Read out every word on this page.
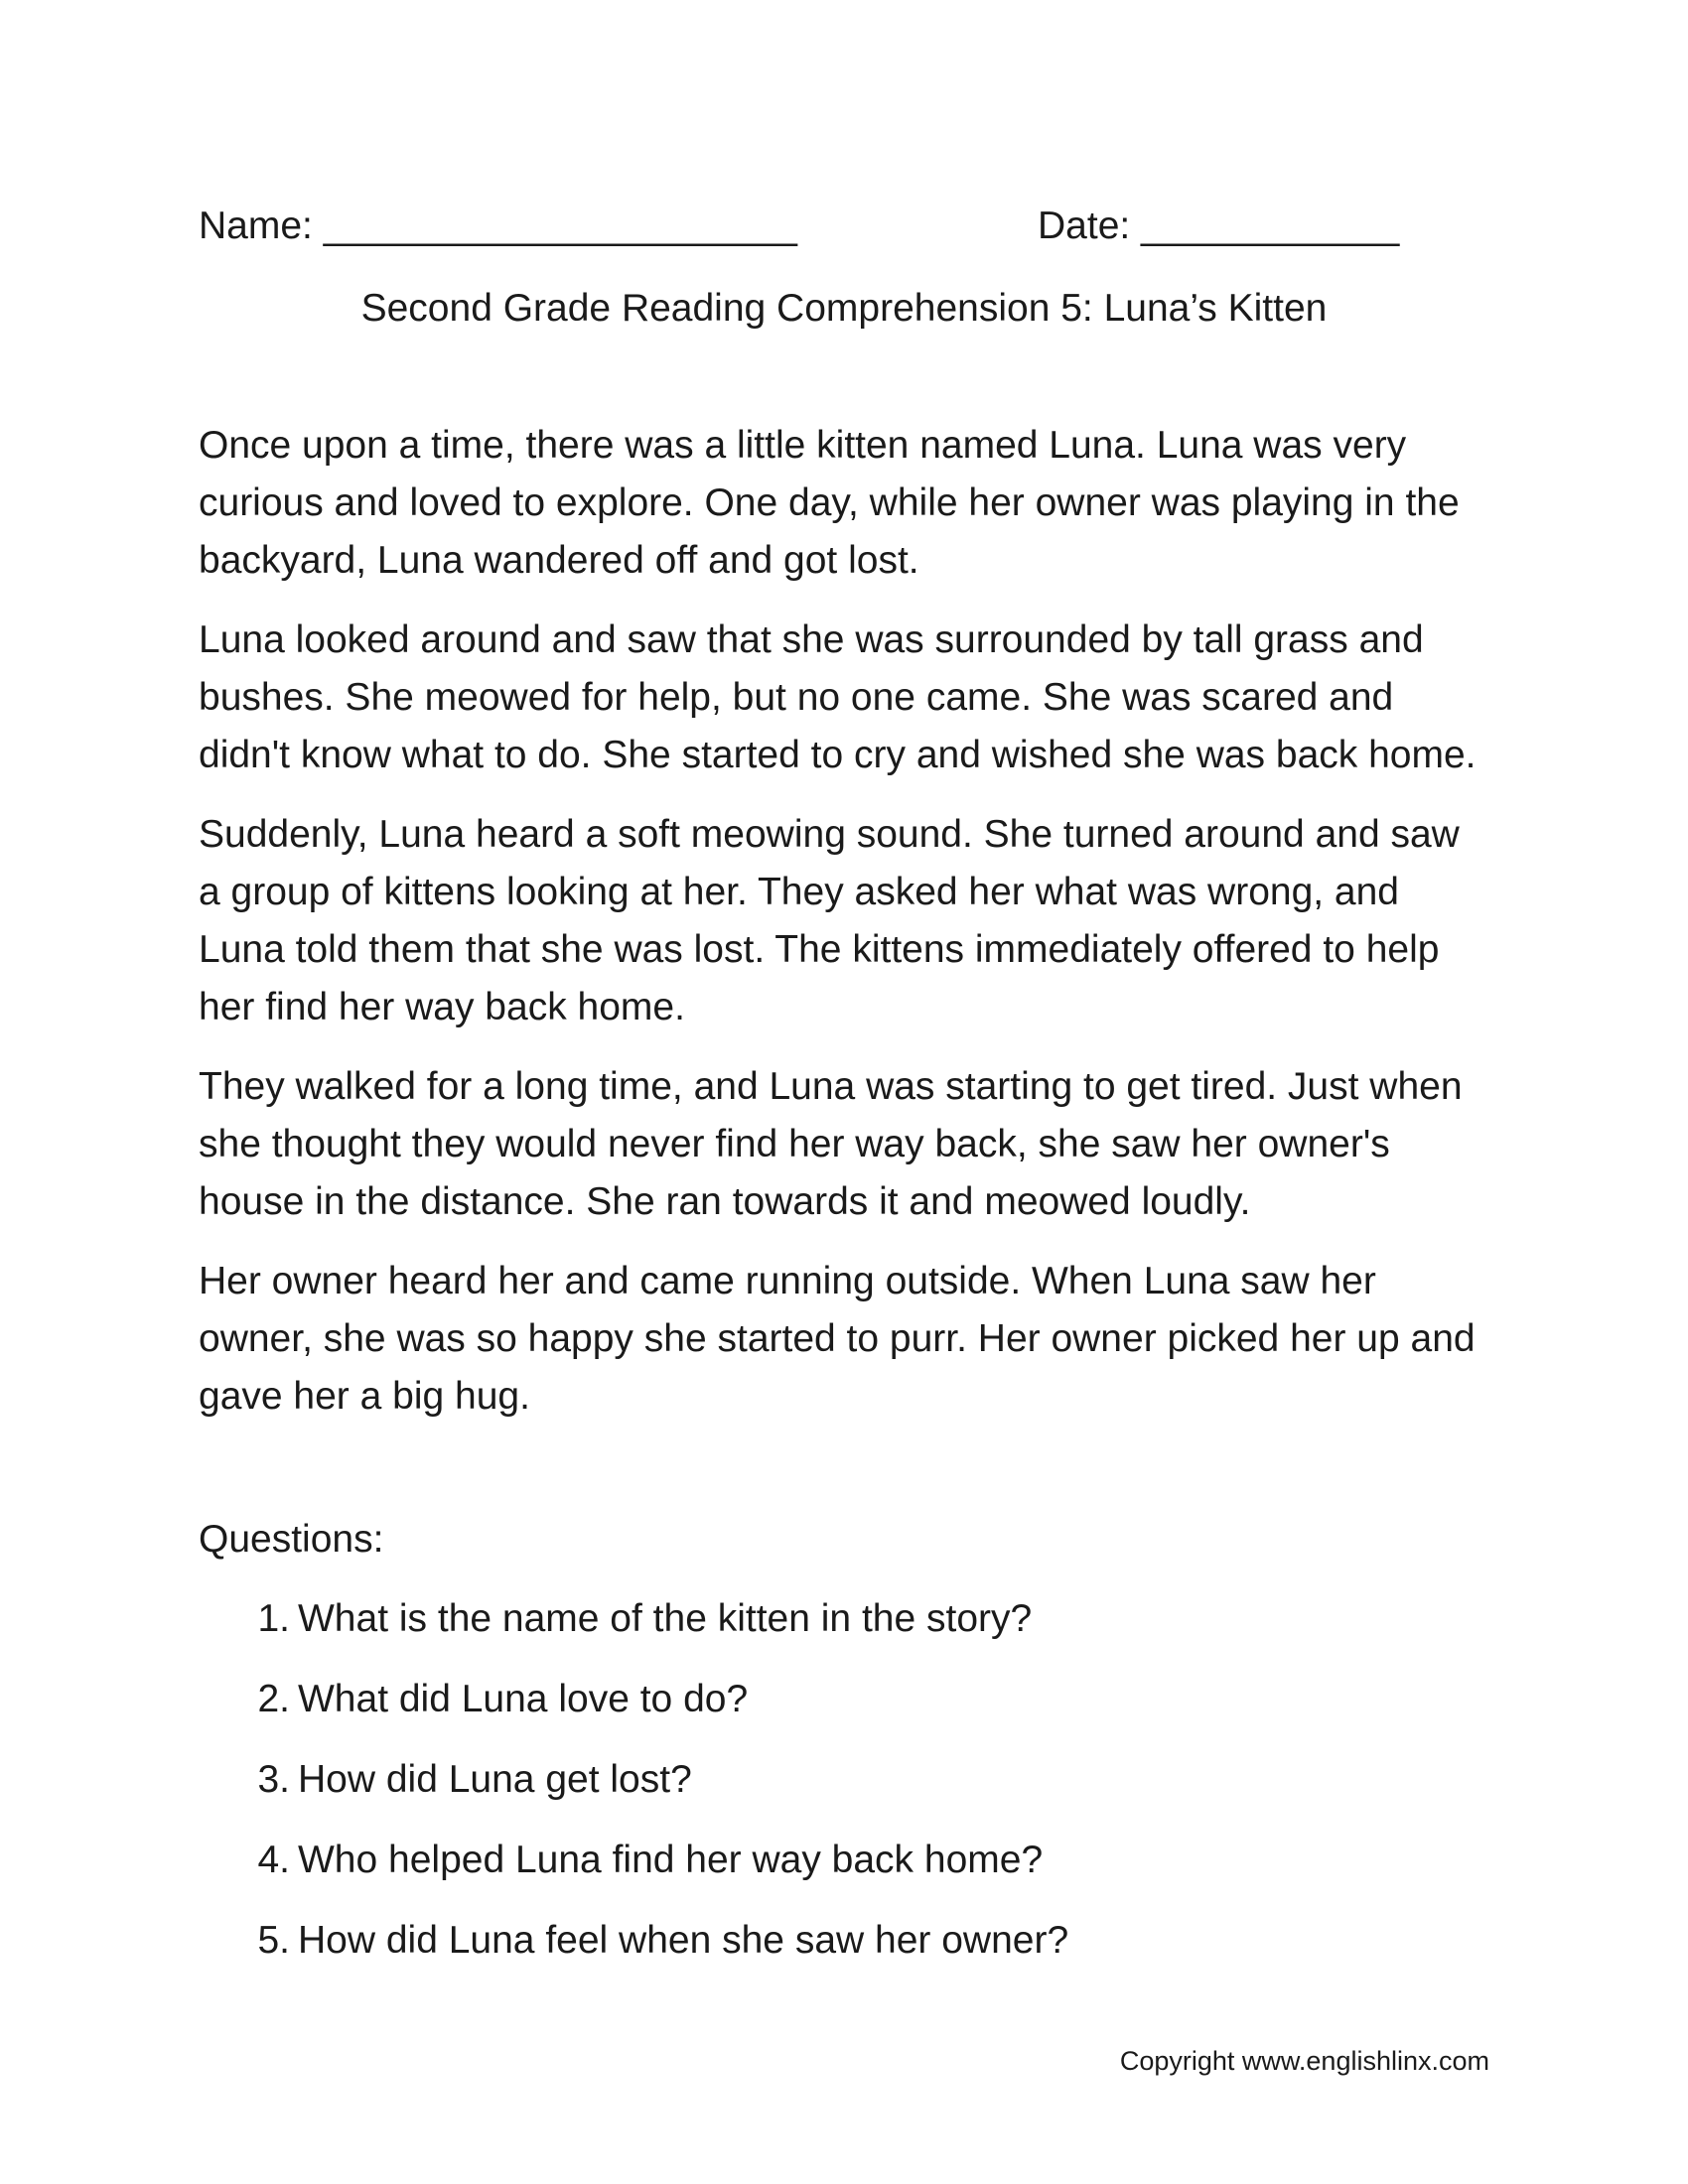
Name: ______________________	Date: ____________
Second Grade Reading Comprehension 5: Luna’s Kitten

Once upon a time, there was a little kitten named Luna. Luna was very curious and loved to explore. One day, while her owner was playing in the backyard, Luna wandered off and got lost.

Luna looked around and saw that she was surrounded by tall grass and bushes. She meowed for help, but no one came. She was scared and didn't know what to do. She started to cry and wished she was back home.

Suddenly, Luna heard a soft meowing sound. She turned around and saw a group of kittens looking at her. They asked her what was wrong, and Luna told them that she was lost. The kittens immediately offered to help her find her way back home.

They walked for a long time, and Luna was starting to get tired. Just when she thought they would never find her way back, she saw her owner's house in the distance. She ran towards it and meowed loudly.

Her owner heard her and came running outside. When Luna saw her owner, she was so happy she started to purr. Her owner picked her up and gave her a big hug.

Questions:
1. What is the name of the kitten in the story?
2. What did Luna love to do?
3. How did Luna get lost?
4. Who helped Luna find her way back home?
5. How did Luna feel when she saw her owner?
Copyright www.englishlinx.com
